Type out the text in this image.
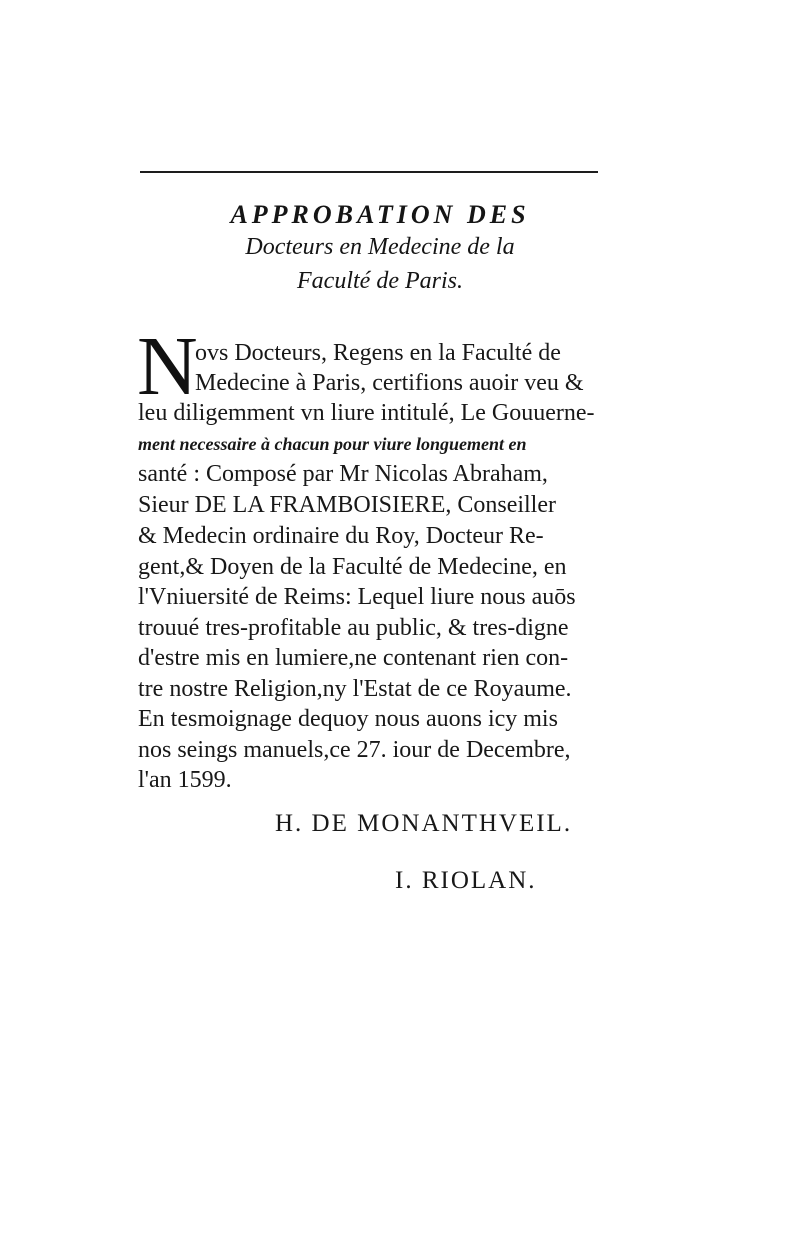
APPROBATION DES
Docteurs en Medecine de la
Faculté de Paris.
N
ovs Docteurs, Regens en la Faculté de
Medecine à Paris, certifions auoir veu &
leu diligemment vn liure intitulé, Le Gouuerne-
ment necessaire à chacun pour viure longuement en
santé : Composé par Mr Nicolas Abraham,
Sieur DE LA FRAMBOISIERE, Conseiller
& Medecin ordinaire du Roy, Docteur Re-
gent,& Doyen de la Faculté de Medecine, en
l'Vniuersité de Reims: Lequel liure nous auōs
trouué tres-profitable au public, & tres-digne
d'estre mis en lumiere,ne contenant rien con-
tre nostre Religion,ny l'Estat de ce Royaume.
En tesmoignage dequoy nous auons icy mis
nos seings manuels,ce 27. iour de Decembre,
l'an 1599.
H. DE MONANTHVEIL.
I. RIOLAN.
